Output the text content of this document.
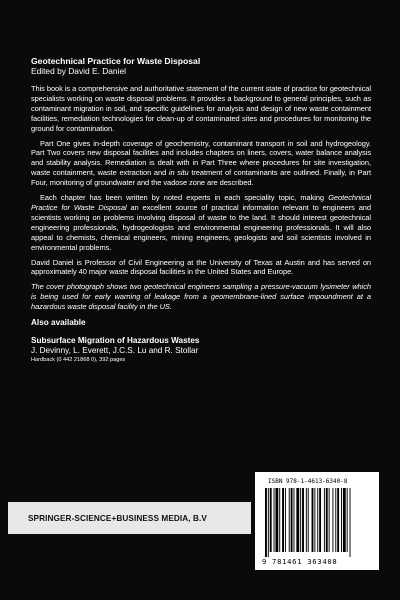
Geotechnical Practice for Waste Disposal

Edited by David E. Daniel

This book is a comprehensive and authoritative statement of the current state of practice for geotechnical specialists working on waste disposal problems. It provides a background to general principles, such as contaminant migration in soil, and specific guidelines for analysis and design of new waste containment facilities, remediation technologies for clean-up of contaminated sites and procedures for monitoring the ground for contamination.

Part One gives in-depth coverage of geochemistry, contaminant transport in soil and hydrogeology. Part Two covers new disposal facilities and includes chapters on liners, covers, water balance analysis and stability analysis. Remediation is dealt with in Part Three where procedures for site investigation, waste containment, waste extraction and in situ treatment of contaminants are outlined. Finally, in Part Four, monitoring of groundwater and the vadose zone are described.

Each chapter has been written by noted experts in each speciality topic, making Geotechnical Practice for Waste Disposal an excellent source of practical information relevant to engineers and scientists working on problems involving disposal of waste to the land. It should interest geotechnical engineering professionals, hydrogeologists and environmental engineering professionals. It will also appeal to chemists, chemical engineers, mining engineers, geologists and soil scientists involved in environmental problems.

David Daniel is Professor of Civil Engineering at the University of Texas at Austin and has served on approximately 40 major waste disposal facilities in the United States and Europe.

The cover photograph shows two geotechnical engineers sampling a pressure-vacuum lysimeter which is being used for early warning of leakage from a geomembrane-lined surface impoundment at a hazardous waste disposal facility in the US.

Also available

Subsurface Migration of Hazardous Wastes

J. Devinny, L. Everett, J.C.S. Lu and R. Stollar

Hardback (0 442 21868 0), 392 pages

SPRINGER-SCIENCE+BUSINESS MEDIA, B.V
ISBN 978-1-4613-6340-8
9 781461 363408
